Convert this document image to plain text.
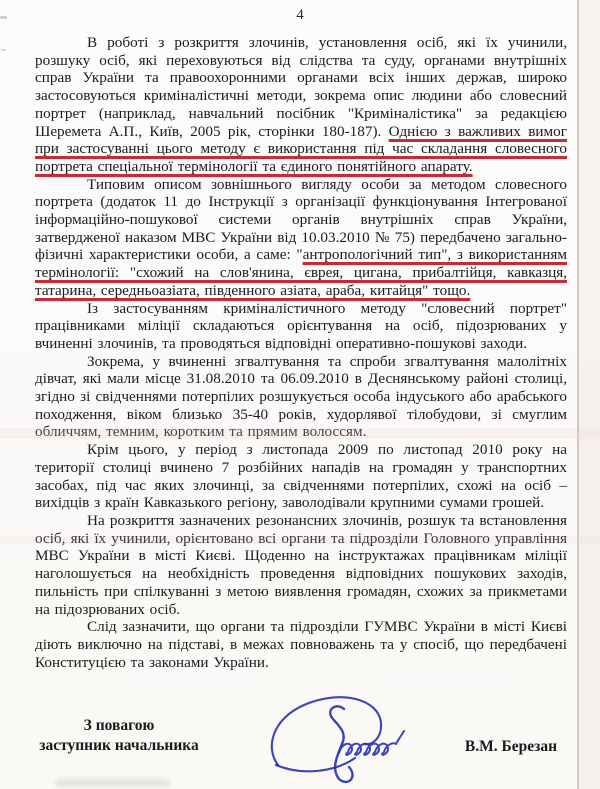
4

В роботі з розкриття злочинів, установлення осіб, які їх учинили, розшуку осіб, які переховуються від слідства та суду, органами внутрішніх справ України та правоохоронними органами всіх інших держав, широко застосовуються криміналістичні методи, зокрема опис людини або словесний портрет (наприклад, навчальний посібник "Криміналістика" за редакцією Шеремета А.П., Київ, 2005 рік, сторінки 180-187). Однією з важливих вимог при застосуванні цього методу є використання під час складання словесного портрета спеціальної термінології та єдиного понятійного апарату.

Типовим описом зовнішнього вигляду особи за методом словесного портрета (додаток 11 до Інструкції з організації функціонування Інтегрованої інформаційно-пошукової системи органів внутрішніх справ України, затвердженої наказом МВС України від 10.03.2010 № 75) передбачено загально-фізичні характеристики особи, а саме: "антропологічний тип", з використанням термінології: "схожий на слов'янина, єврея, цигана, прибалтійця, кавказця, татарина, середньоазіата, південного азіата, араба, китайця" тощо.

Із застосуванням криміналістичного методу "словесний портрет" працівниками міліції складаються орієнтування на осіб, підозрюваних у вчиненні злочинів, та проводяться відповідні оперативно-пошукові заходи.

Зокрема, у вчиненні згвалтування та спроби згвалтування малолітніх дівчат, які мали місце 31.08.2010 та 06.09.2010 в Деснянському районі столиці, згідно зі свідченнями потерпілих розшукується особа індуського або арабського походження, віком близько 35-40 років, худорлявої тілобудови, зі смуглим обличчям, темним, коротким та прямим волоссям.

Крім цього, у період з листопада 2009 по листопад 2010 року на території столиці вчинено 7 розбійних нападів на громадян у транспортних засобах, під час яких злочинці, за свідченнями потерпілих, схожі на осіб – вихідців з країн Кавказького регіону, заволодівали крупними сумами грошей.

На розкриття зазначених резонансних злочинів, розшук та встановлення осіб, які їх учинили, орієнтовано всі органи та підрозділи Головного управління МВС України в місті Києві. Щоденно на інструктажах працівникам міліції наголошується на необхідність проведення відповідних пошукових заходів, пильність при спілкуванні з метою виявлення громадян, схожих за прикметами на підозрюваних осіб.

Слід зазначити, що органи та підрозділи ГУМВС України в місті Києві діють виключно на підставі, в межах повноважень та у спосіб, що передбачені Конституцією та законами України.

З повагою
заступник начальника	В.М. Березан
